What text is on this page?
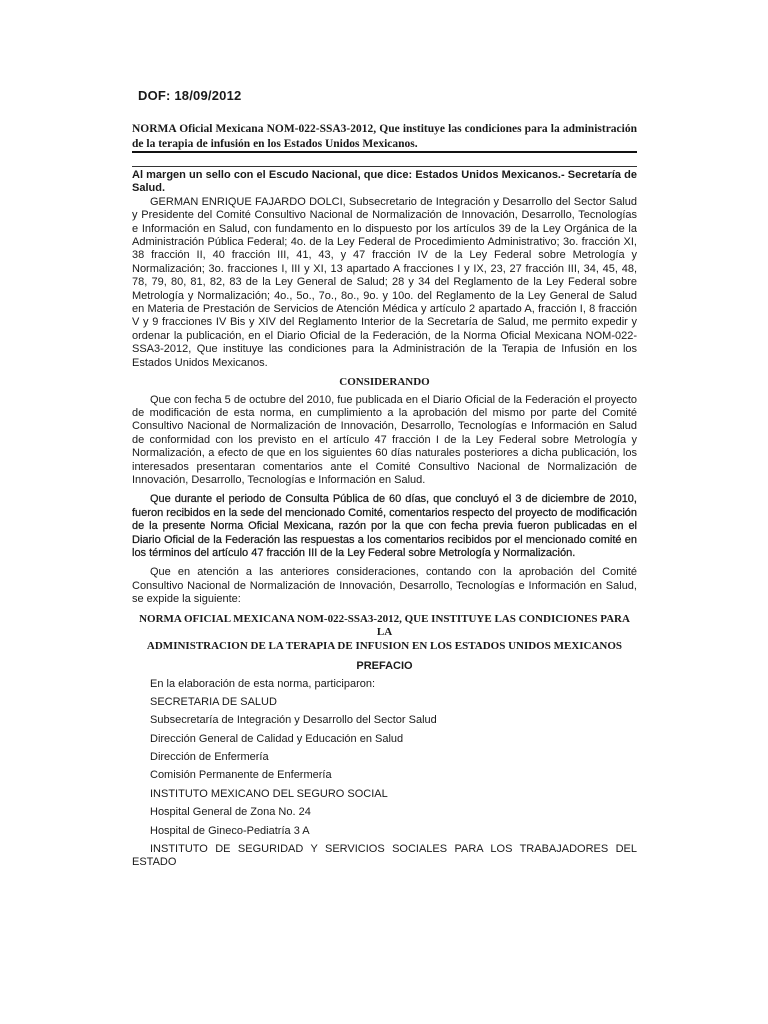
DOF: 18/09/2012
NORMA Oficial Mexicana NOM-022-SSA3-2012, Que instituye las condiciones para la administración de la terapia de infusión en los Estados Unidos Mexicanos.

Al margen un sello con el Escudo Nacional, que dice: Estados Unidos Mexicanos.- Secretaría de Salud.

GERMAN ENRIQUE FAJARDO DOLCI, Subsecretario de Integración y Desarrollo del Sector Salud y Presidente del Comité Consultivo Nacional de Normalización de Innovación, Desarrollo, Tecnologías e Información en Salud, con fundamento en lo dispuesto por los artículos 39 de la Ley Orgánica de la Administración Pública Federal; 4o. de la Ley Federal de Procedimiento Administrativo; 3o. fracción XI, 38 fracción II, 40 fracción III, 41, 43, y 47 fracción IV de la Ley Federal sobre Metrología y Normalización; 3o. fracciones I, III y XI, 13 apartado A fracciones I y IX, 23, 27 fracción III, 34, 45, 48, 78, 79, 80, 81, 82, 83 de la Ley General de Salud; 28 y 34 del Reglamento de la Ley Federal sobre Metrología y Normalización; 4o., 5o., 7o., 8o., 9o. y 10o. del Reglamento de la Ley General de Salud en Materia de Prestación de Servicios de Atención Médica y artículo 2 apartado A, fracción I, 8 fracción V y 9 fracciones IV Bis y XIV del Reglamento Interior de la Secretaría de Salud, me permito expedir y ordenar la publicación, en el Diario Oficial de la Federación, de la Norma Oficial Mexicana NOM-022-SSA3-2012, Que instituye las condiciones para la Administración de la Terapia de Infusión en los Estados Unidos Mexicanos.

CONSIDERANDO

Que con fecha 5 de octubre del 2010, fue publicada en el Diario Oficial de la Federación el proyecto de modificación de esta norma, en cumplimiento a la aprobación del mismo por parte del Comité Consultivo Nacional de Normalización de Innovación, Desarrollo, Tecnologías e Información en Salud de conformidad con los previsto en el artículo 47 fracción I de la Ley Federal sobre Metrología y Normalización, a efecto de que en los siguientes 60 días naturales posteriores a dicha publicación, los interesados presentaran comentarios ante el Comité Consultivo Nacional de Normalización de Innovación, Desarrollo, Tecnologías e Información en Salud.

Que durante el periodo de Consulta Pública de 60 días, que concluyó el 3 de diciembre de 2010, fueron recibidos en la sede del mencionado Comité, comentarios respecto del proyecto de modificación de la presente Norma Oficial Mexicana, razón por la que con fecha previa fueron publicadas en el Diario Oficial de la Federación las respuestas a los comentarios recibidos por el mencionado comité en los términos del artículo 47 fracción III de la Ley Federal sobre Metrología y Normalización.

Que en atención a las anteriores consideraciones, contando con la aprobación del Comité Consultivo Nacional de Normalización de Innovación, Desarrollo, Tecnologías e Información en Salud, se expide la siguiente:

NORMA OFICIAL MEXICANA NOM-022-SSA3-2012, QUE INSTITUYE LAS CONDICIONES PARA LA
ADMINISTRACION DE LA TERAPIA DE INFUSION EN LOS ESTADOS UNIDOS MEXICANOS
PREFACIO

En la elaboración de esta norma, participaron:

SECRETARIA DE SALUD

Subsecretaría de Integración y Desarrollo del Sector Salud

Dirección General de Calidad y Educación en Salud

Dirección de Enfermería

Comisión Permanente de Enfermería

INSTITUTO MEXICANO DEL SEGURO SOCIAL

Hospital General de Zona No. 24

Hospital de Gineco-Pediatría 3 A

INSTITUTO DE SEGURIDAD Y SERVICIOS SOCIALES PARA LOS TRABAJADORES DEL ESTADO
